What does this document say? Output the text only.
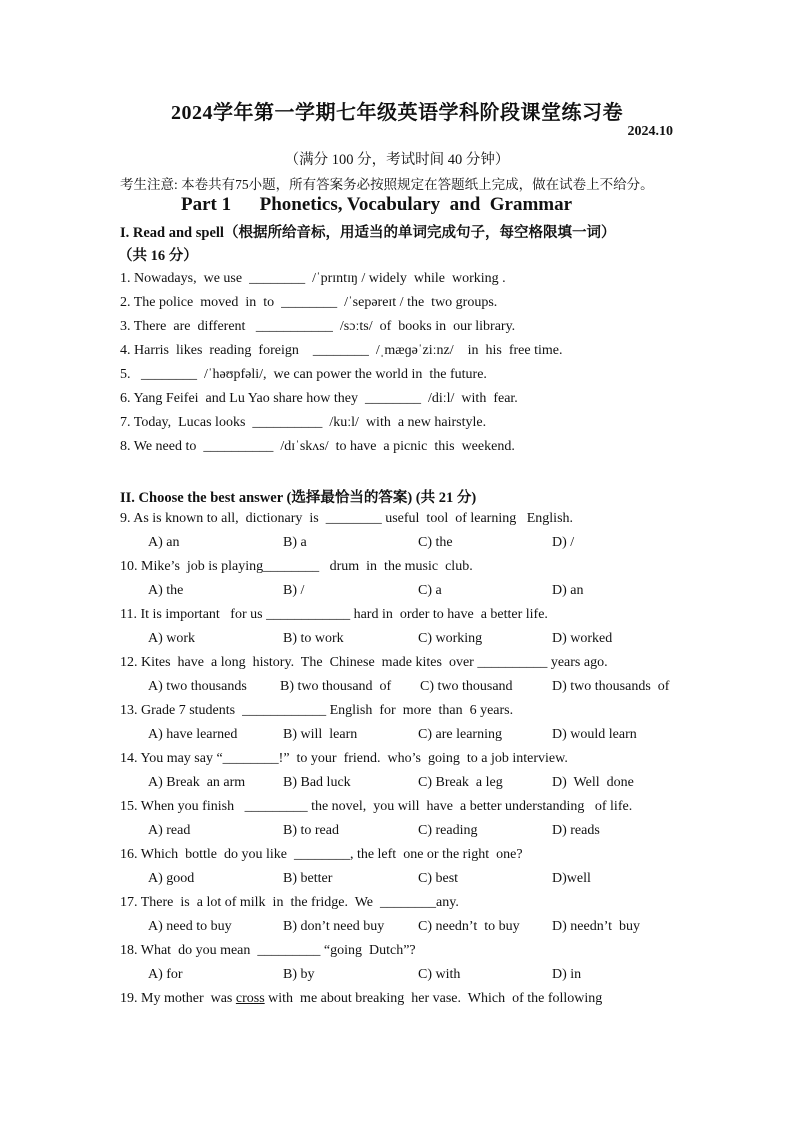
2024学年第一学期七年级英语学科阶段课堂练习卷
2024.10
（满分 100 分，考试时间 40 分钟）
考生注意: 本卷共有75小题，所有答案务必按照规定在答题纸上完成，做在试卷上不给分。
Part 1      Phonetics, Vocabulary  and  Grammar
I. Read and spell（根据所给音标，用适当的单词完成句子，每空格限填一词）
（共 16 分）
1. Nowadays,  we use  ________  /ˈprɪntɪŋ / widely  while  working .
2. The police  moved  in  to  ________  /ˈsepəreɪt / the  two groups.
3. There  are  different   ___________  /sɔːts/  of  books in  our library.
4. Harris  likes  reading  foreign    ________  /ˌmæɡəˈziːnz/    in  his  free time.
5.   ________  /ˈhəʊpfəli/,  we can power the world in  the future.
6. Yang Feifei  and Lu Yao share how they  ________  /diːl/  with  fear.
7. Today,  Lucas looks  __________  /kuːl/  with  a new hairstyle.
8. We need to  __________  /dɪˈskʌs/  to have  a picnic  this  weekend.
II. Choose the best answer (选择最恰当的答案) (共 21 分)
9. As is known to all,  dictionary  is  ________ useful  tool  of learning   English.
A) an	B) a	C) the	D) /
10. Mike’s  job is playing________   drum  in  the music  club.
A) the	B) /	C) a	D) an
11. It is important   for us ____________ hard in  order to have  a better life.
A) work	B) to work	C) working	D) worked
12. Kites  have  a long  history.  The  Chinese  made kites  over __________ years ago.
A) two thousands B) two thousand  of C) two thousand	D) two thousands  of
13. Grade 7 students  ____________ English  for  more  than  6 years.
A) have learned	B) will  learn	C) are learning	D) would learn
14. You may say “________!”  to your  friend.  who’s  going  to a job interview.
A) Break  an arm	B) Bad luck	C) Break  a leg	D)  Well  done
15. When you finish   _________ the novel,  you will  have  a better understanding   of life.
A) read	B) to read	C) reading	D) reads
16. Which  bottle  do you like  ________, the left  one or the right  one?
A) good	B) better	C) best	D)well
17. There  is  a lot of milk  in  the fridge.  We  ________any.
A) need to buy	B) don’t need buy C) needn’t  to buy D) needn’t  buy
18. What  do you mean  _________ “going  Dutch”?
A) for	B) by	C) with	D) in
19. My mother  was cross with  me about breaking  her vase.  Which  of the following
